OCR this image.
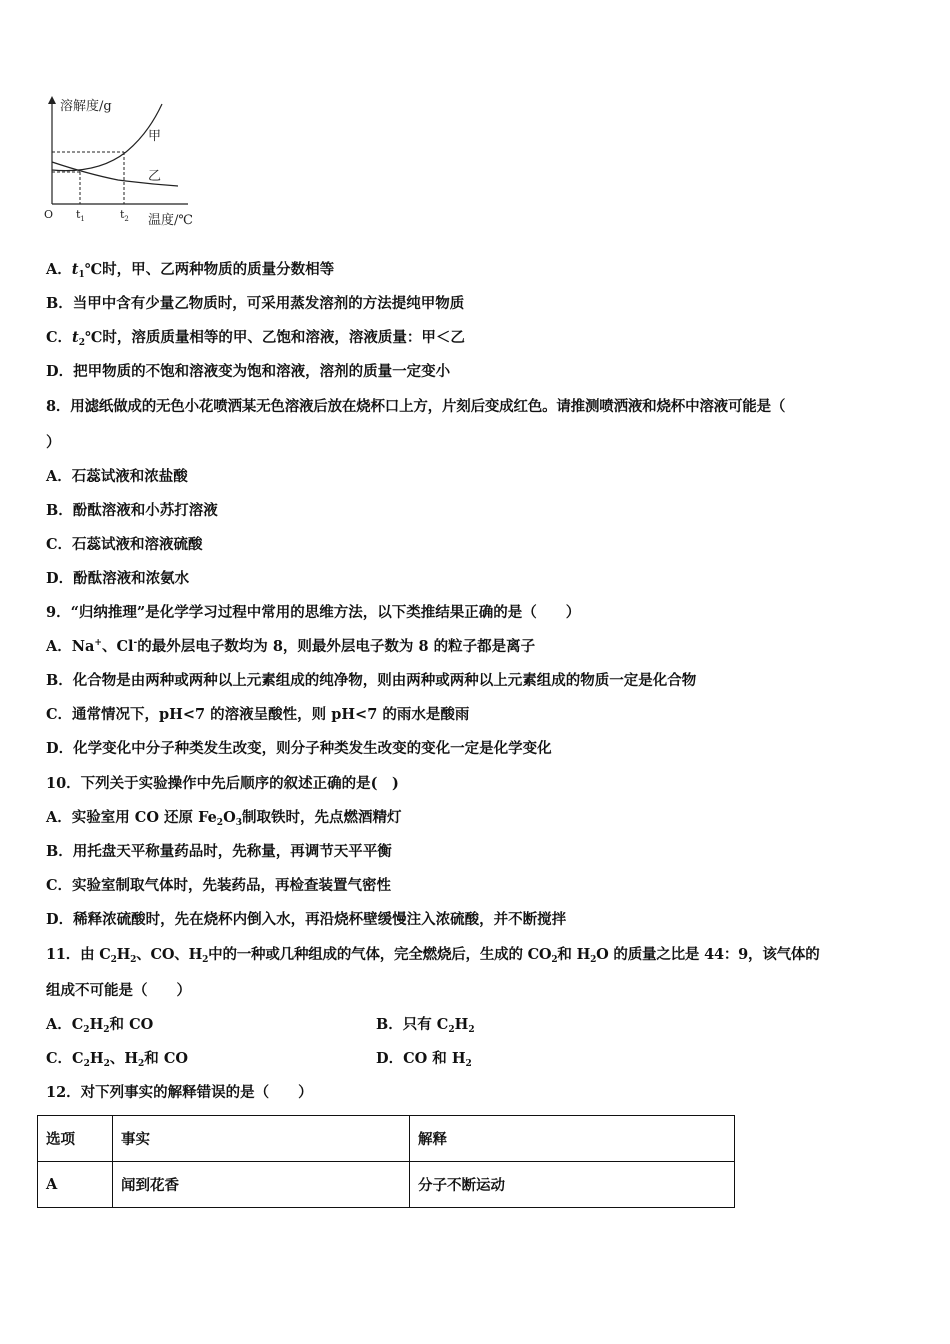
溶解度/g
甲
乙
O $t_1$	$t_2$ 温度/℃
A．$t_1℃$时，甲、乙两种物质的质量分数相等
B．当甲中含有少量乙物质时，可采用蒸发溶剂的方法提纯甲物质
C．$t_2℃$时，溶质质量相等的甲、乙饱和溶液，溶液质量：甲＜乙
D．把甲物质的不饱和溶液变为饱和溶液，溶剂的质量一定变小
8．用滤纸做成的无色小花喷洒某无色溶液后放在烧杯口上方，片刻后变成红色。请推测喷洒液和烧杯中溶液可能是（
）
A．石蕊试液和浓盐酸
B．酚酞溶液和小苏打溶液
C．石蕊试液和溶液硫酸
D．酚酞溶液和浓氨水
9．“归纳推理”是化学学习过程中常用的思维方法，以下类推结果正确的是（　　）
A．Na+、Cl-的最外层电子数均为 8，则最外层电子数为 8 的粒子都是离子
B．化合物是由两种或两种以上元素组成的纯净物，则由两种或两种以上元素组成的物质一定是化合物
C．通常情况下，pH<7 的溶液呈酸性，则 pH<7 的雨水是酸雨
D．化学变化中分子种类发生改变，则分子种类发生改变的变化一定是化学变化
10．下列关于实验操作中先后顺序的叙述正确的是(　)
A．实验室用 CO 还原 $Fe_2O_3$制取铁时，先点燃酒精灯
B．用托盘天平称量药品时，先称量，再调节天平平衡
C．实验室制取气体时，先装药品，再检查装置气密性
D．稀释浓硫酸时，先在烧杯内倒入水，再沿烧杯壁缓慢注入浓硫酸，并不断搅拌
11．由 $C_2H_2$、CO、$H_2$中的一种或几种组成的气体，完全燃烧后，生成的 $CO_2$和 $H_2O$ 的质量之比是 44：9，该气体的
组成不可能是（　　）
A．$C_2H_2$和 CO	B．只有 $C_2H_2$
C．$C_2H_2$、$H_2$和 CO	D．CO 和 $H_2$
12．对下列事实的解释错误的是（　　）
选项	事实	解释
A	闻到花香	分子不断运动
